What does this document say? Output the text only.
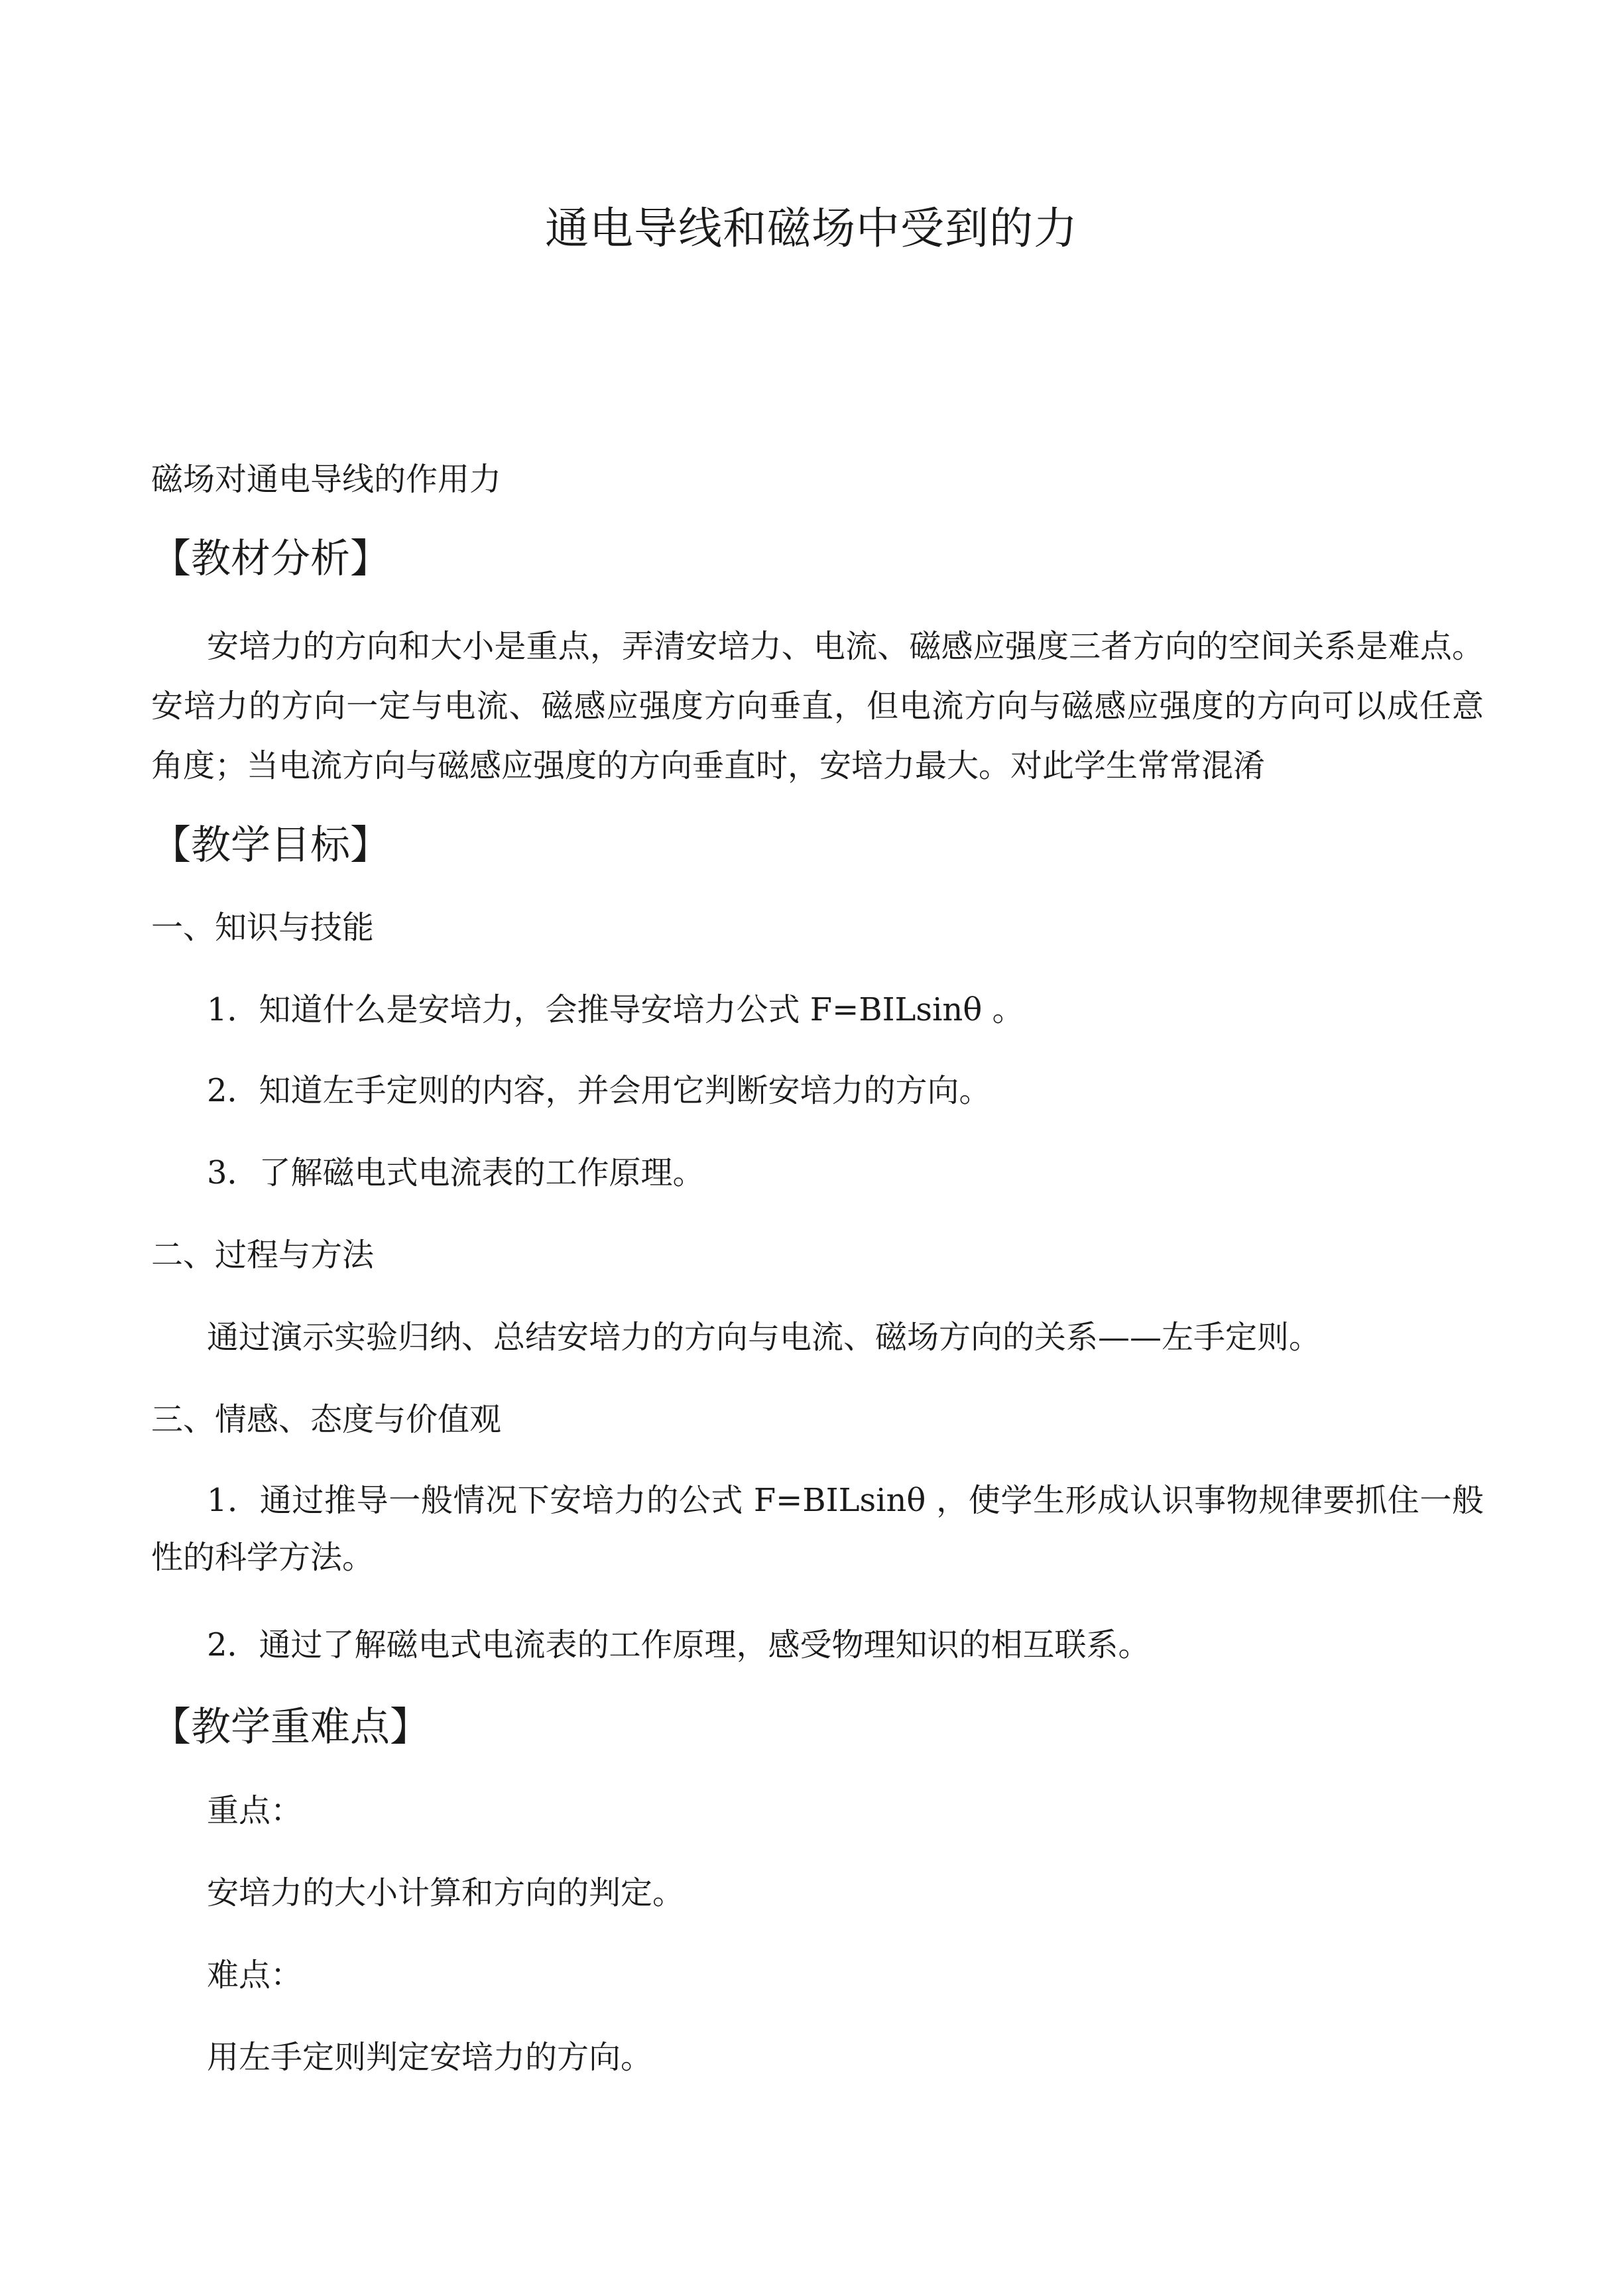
通电导线和磁场中受到的力
磁场对通电导线的作用力
【教材分析】
安培力的方向和大小是重点，弄清安培力、电流、磁感应强度三者方向的空间关系是难点。安培力的方向一定与电流、磁感应强度方向垂直，但电流方向与磁感应强度的方向可以成任意角度；当电流方向与磁感应强度的方向垂直时，安培力最大。对此学生常常混淆
【教学目标】
一、知识与技能
1．知道什么是安培力，会推导安培力公式 F=BILsinθ 。
2．知道左手定则的内容，并会用它判断安培力的方向。
3．了解磁电式电流表的工作原理。
二、过程与方法
通过演示实验归纳、总结安培力的方向与电流、磁场方向的关系——左手定则。
三、情感、态度与价值观
1．通过推导一般情况下安培力的公式 F=BILsinθ ，使学生形成认识事物规律要抓住一般性的科学方法。
2．通过了解磁电式电流表的工作原理，感受物理知识的相互联系。
【教学重难点】
重点：
安培力的大小计算和方向的判定。
难点：
用左手定则判定安培力的方向。
